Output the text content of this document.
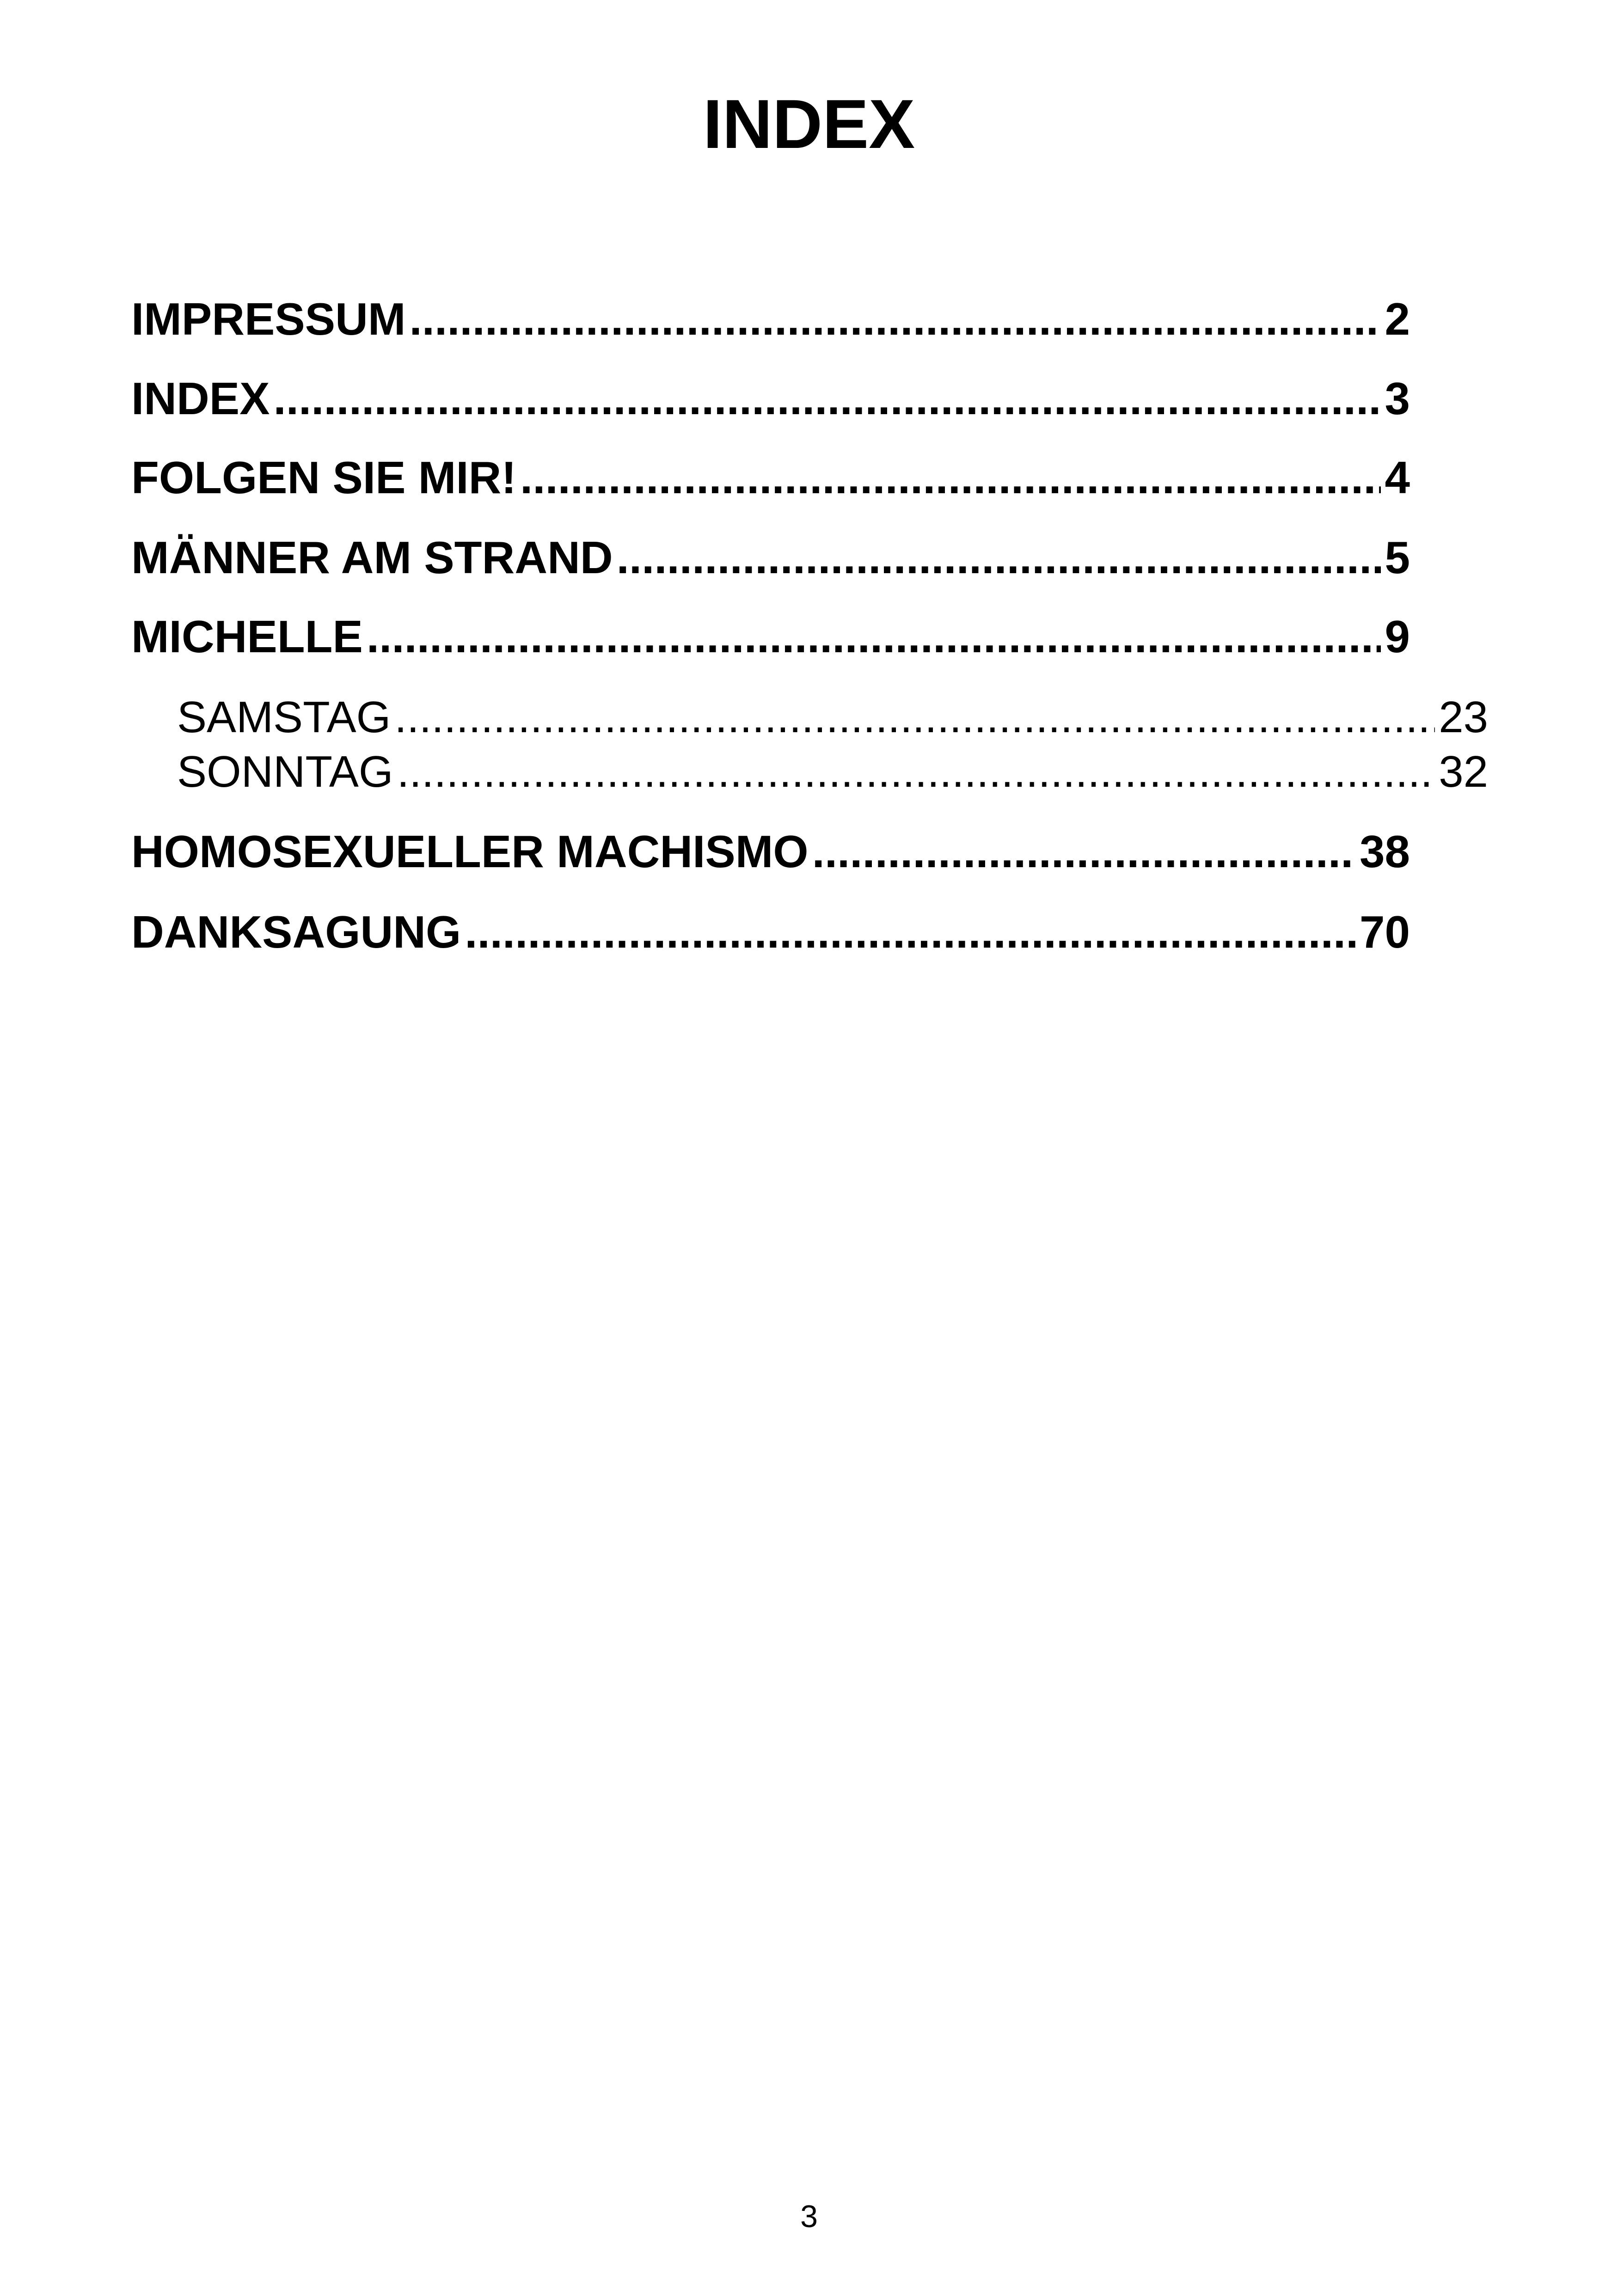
INDEX
IMPRESSUM .....	2
INDEX .....	3
FOLGEN SIE MIR! .....	4
MÄNNER AM STRAND .....	5
MICHELLE .....	9
SAMSTAG .....	23
SONNTAG .....	32
HOMOSEXUELLER MACHISMO .....	38
DANKSAGUNG .....	70
3
